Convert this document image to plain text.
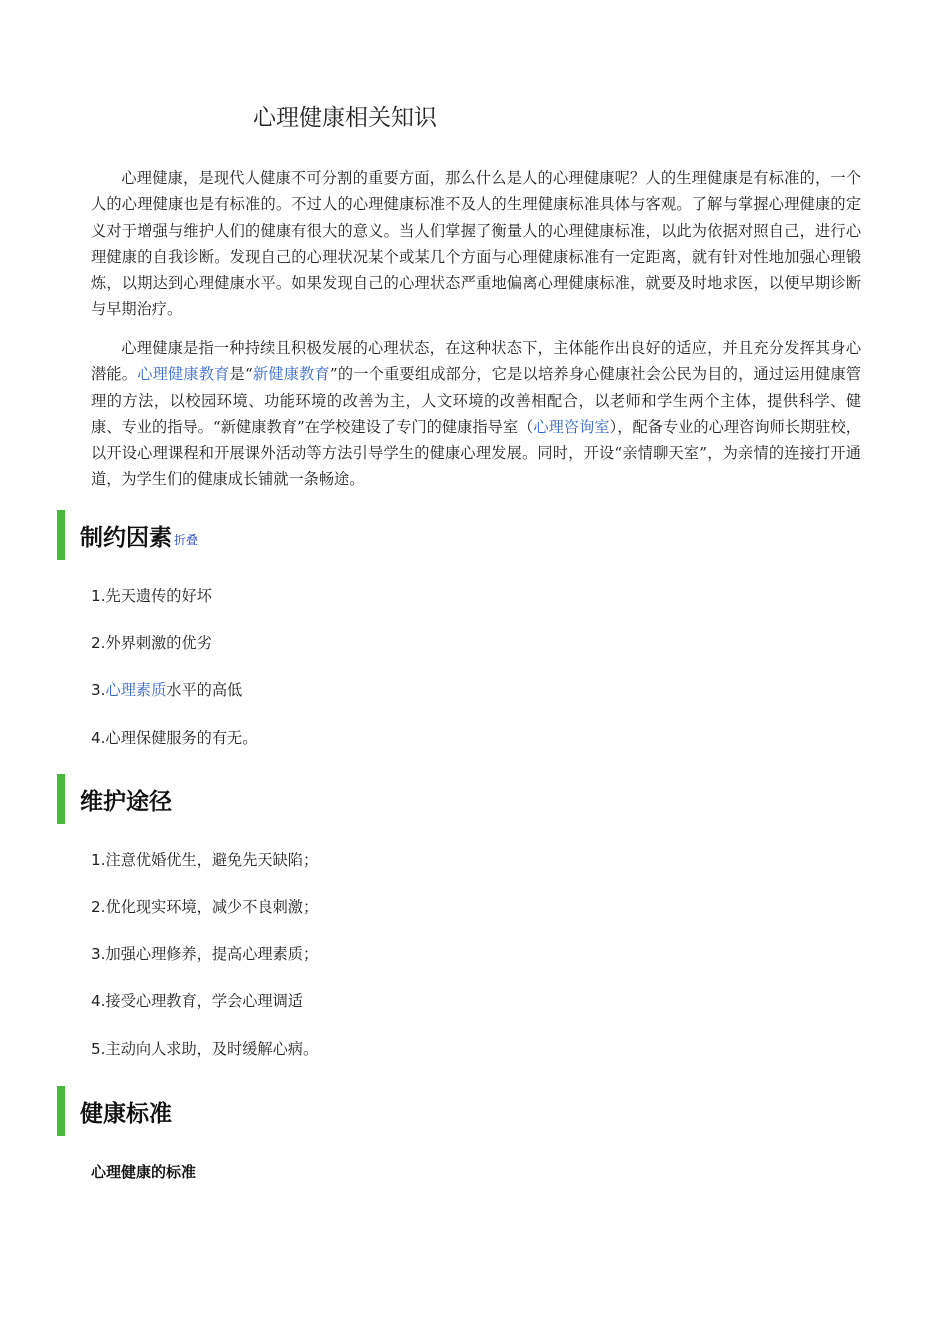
心理健康相关知识

心理健康，是现代人健康不可分割的重要方面，那么什么是人的心理健康呢？人的生理健康是有标准的，一个人的心理健康也是有标准的。不过人的心理健康标准不及人的生理健康标准具体与客观。了解与掌握心理健康的定义对于增强与维护人们的健康有很大的意义。当人们掌握了衡量人的心理健康标准，以此为依据对照自己，进行心理健康的自我诊断。发现自己的心理状况某个或某几个方面与心理健康标准有一定距离，就有针对性地加强心理锻炼，以期达到心理健康水平。如果发现自己的心理状态严重地偏离心理健康标准，就要及时地求医，以便早期诊断与早期治疗。

心理健康是指一种持续且积极发展的心理状态，在这种状态下，主体能作出良好的适应，并且充分发挥其身心潜能。心理健康教育是“新健康教育”的一个重要组成部分，它是以培养身心健康社会公民为目的，通过运用健康管理的方法，以校园环境、功能环境的改善为主，人文环境的改善相配合，以老师和学生两个主体，提供科学、健康、专业的指导。“新健康教育”在学校建设了专门的健康指导室（心理咨询室），配备专业的心理咨询师长期驻校，以开设心理课程和开展课外活动等方法引导学生的健康心理发展。同时，开设“亲情聊天室”，为亲情的连接打开通道，为学生们的健康成长铺就一条畅途。

制约因素 折叠
1.先天遗传的好坏
2.外界刺激的优劣
3.心理素质水平的高低
4.心理保健服务的有无。
维护途径
1.注意优婚优生，避免先天缺陷；
2.优化现实环境，减少不良刺激；
3.加强心理修养，提高心理素质；
4.接受心理教育，学会心理调适
5.主动向人求助，及时缓解心病。
健康标准
心理健康的标准
